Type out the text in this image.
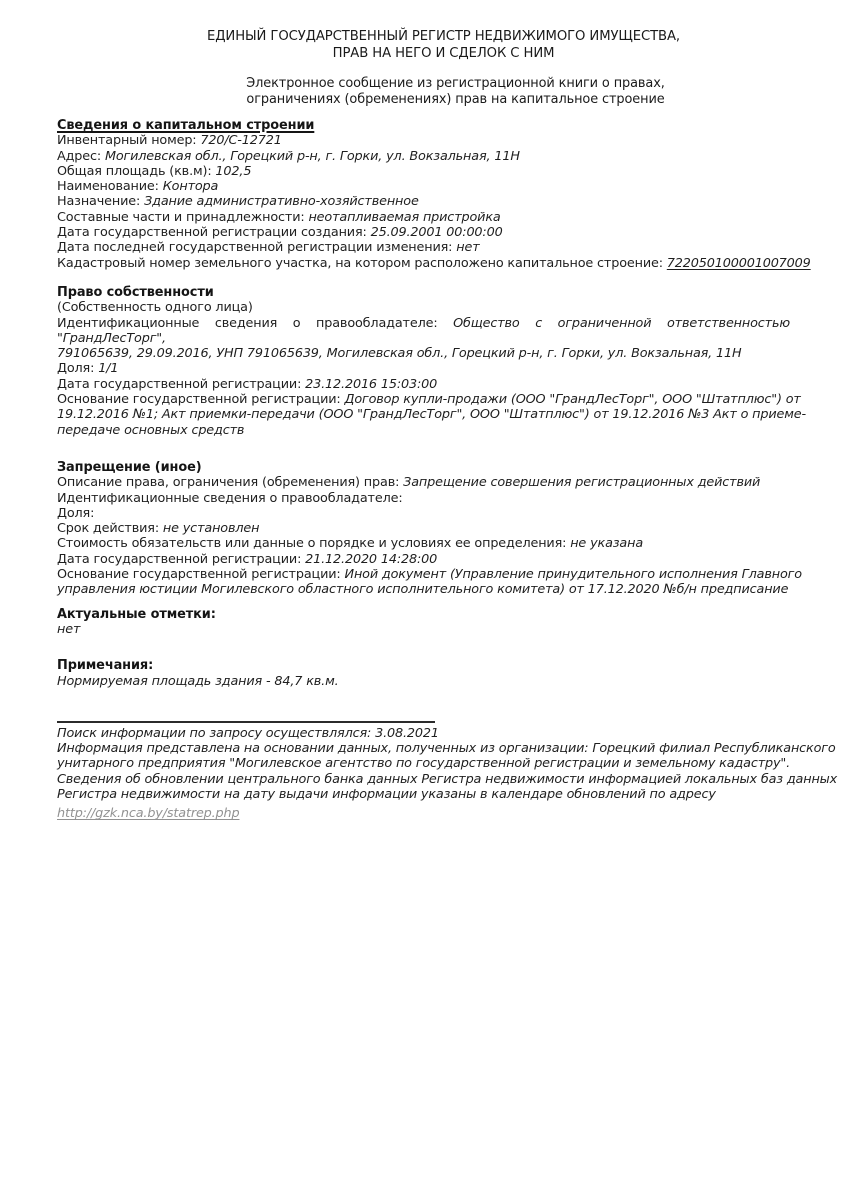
ЕДИНЫЙ ГОСУДАРСТВЕННЫЙ РЕГИСТР НЕДВИЖИМОГО ИМУЩЕСТВА,
ПРАВ НА НЕГО И СДЕЛОК С НИМ
Электронное сообщение из регистрационной книги о правах,
ограничениях (обременениях) прав на капитальное строение
Сведения о капитальном строении
Инвентарный номер: 720/С-12721
Адрес: Могилевская обл., Горецкий р-н, г. Горки, ул. Вокзальная, 11Н
Общая площадь (кв.м): 102,5
Наименование: Контора
Назначение: Здание административно-хозяйственное
Составные части и принадлежности: неотапливаемая пристройка
Дата государственной регистрации создания: 25.09.2001 00:00:00
Дата последней государственной регистрации изменения: нет
Кадастровый номер земельного участка, на котором расположено капитальное строение: 722050100001007009
Право собственности
(Собственность одного лица)
Идентификационные сведения о правообладателе: Общество с ограниченной ответственностью "ГрандЛесТорг",
791065639, 29.09.2016, УНП 791065639, Могилевская обл., Горецкий р-н, г. Горки, ул. Вокзальная, 11Н
Доля: 1/1
Дата государственной регистрации: 23.12.2016 15:03:00
Основание государственной регистрации: Договор купли-продажи (ООО "ГрандЛесТорг", ООО "Штатплюс") от
19.12.2016 №1; Акт приемки-передачи (ООО "ГрандЛесТорг", ООО "Штатплюс") от 19.12.2016 №3 Акт о приеме-
передаче основных средств
Запрещение (иное)
Описание права, ограничения (обременения) прав: Запрещение совершения регистрационных действий
Идентификационные сведения о правообладателе:
Доля:
Срок действия: не установлен
Стоимость обязательств или данные о порядке и условиях ее определения: не указана
Дата государственной регистрации: 21.12.2020 14:28:00
Основание государственной регистрации: Иной документ (Управление принудительного исполнения Главного
управления юстиции Могилевского областного исполнительного комитета) от 17.12.2020 №б/н предписание
Актуальные отметки:
нет
Примечания:
Нормируемая площадь здания - 84,7 кв.м.
Поиск информации по запросу осуществлялся: 3.08.2021
Информация представлена на основании данных, полученных из организации: Горецкий филиал Республиканского
унитарного предприятия "Могилевское агентство по государственной регистрации и земельному кадастру".
Сведения об обновлении центрального банка данных Регистра недвижимости информацией локальных баз данных
Регистра недвижимости на дату выдачи информации указаны в календаре обновлений по адресу
http://gzk.nca.by/statrep.php
